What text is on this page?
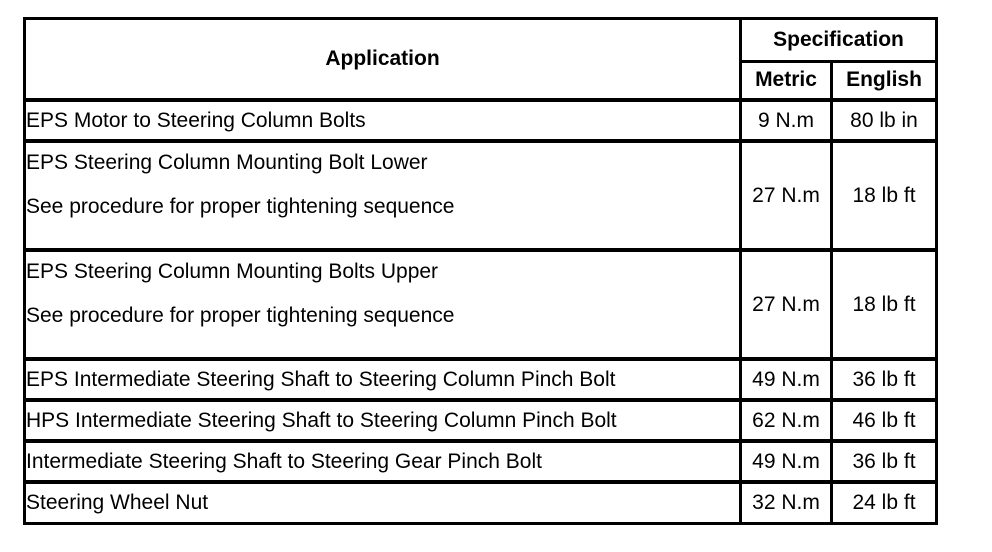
Application	Specification	
	Metric	English

EPS Motor to Steering Column Bolts	9 N.m	80 lb in

EPS Steering Column Mounting Bolt Lower
See procedure for proper tightening sequence	27 N.m	18 lb ft

EPS Steering Column Mounting Bolts Upper
See procedure for proper tightening sequence	27 N.m	18 lb ft

EPS Intermediate Steering Shaft to Steering Column Pinch Bolt	49 N.m	36 lb ft

HPS Intermediate Steering Shaft to Steering Column Pinch Bolt	62 N.m	46 lb ft

Intermediate Steering Shaft to Steering Gear Pinch Bolt	49 N.m	36 lb ft

Steering Wheel Nut	32 N.m	24 lb ft
